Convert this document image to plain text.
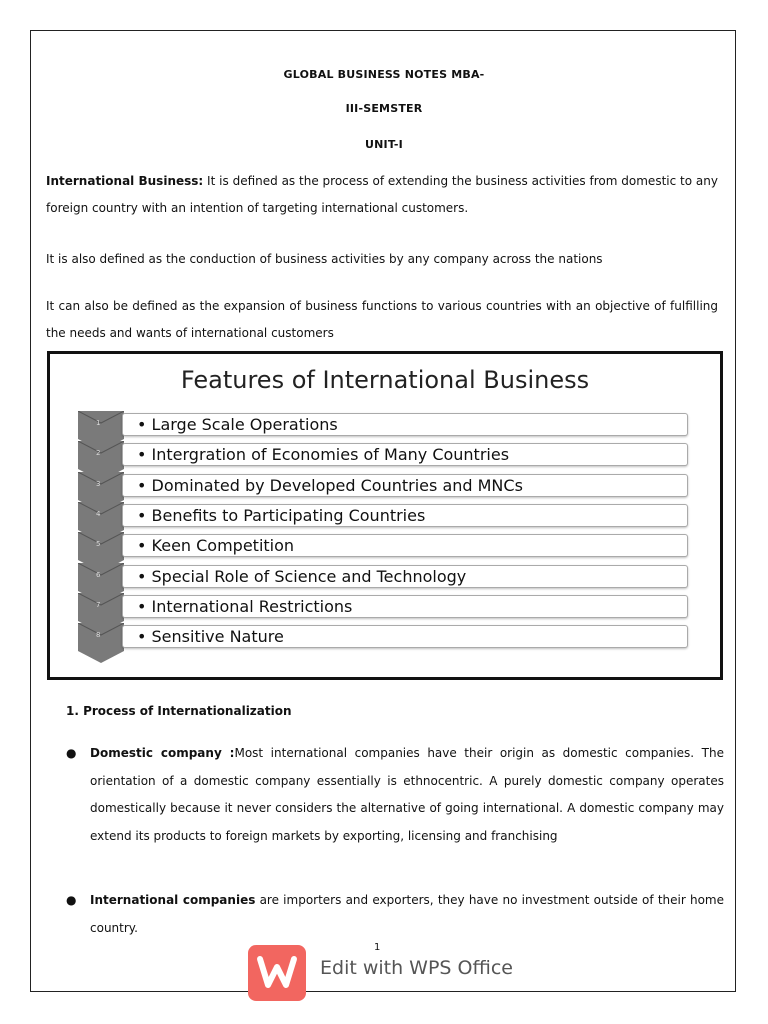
GLOBAL BUSINESS NOTES MBA-
III-SEMSTER
UNIT-I
International Business: It is defined as the process of extending the business activities from domestic to any foreign country with an intention of targeting international customers.
It is also defined as the conduction of business activities by any company across the nations
It can also be defined as the expansion of business functions to various countries with an objective of fulfilling the needs and wants of international customers
Features of International Business
1 • Large Scale Operations
2 • Intergration of Economies of Many Countries
3 • Dominated by Developed Countries and MNCs
4 • Benefits to Participating Countries
5 • Keen Competition
6 • Special Role of Science and Technology
7 • International Restrictions
8 • Sensitive Nature
1. Process of Internationalization
● Domestic company :Most international companies have their origin as domestic companies. The orientation of a domestic company essentially is ethnocentric. A purely domestic company operates domestically because it never considers the alternative of going international. A domestic company may extend its products to foreign markets by exporting, licensing and franchising
● International companies are importers and exporters, they have no investment outside of their home country.
1
Edit with WPS Office
